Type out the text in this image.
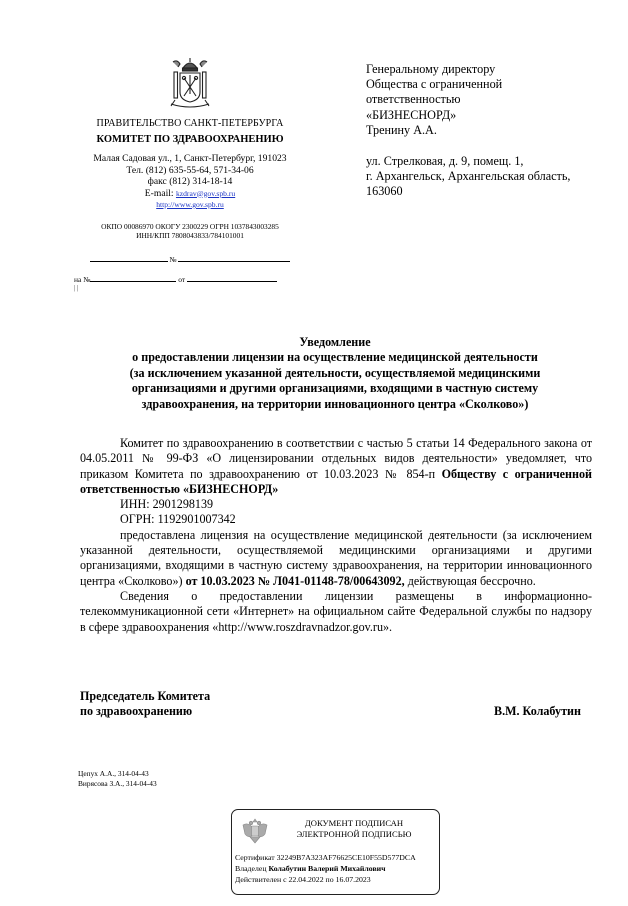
ПРАВИТЕЛЬСТВО САНКТ-ПЕТЕРБУРГА
КОМИТЕТ ПО ЗДРАВООХРАНЕНИЮ
Малая Садовая ул., 1, Санкт-Петербург, 191023
Тел. (812) 635-55-64, 571-34-06
факс (812) 314-18-14
E-mail: kzdrav@gov.spb.ru
http://www.gov.spb.ru
ОКПО 00086970 ОКОГУ 2300229 ОГРН 1037843003285
ИНН/КПП 7808043833/784101001
№
на №	от
| |
Генеральному директору
Общества с ограниченной
ответственностью
«БИЗНЕСНОРД»
Тренину А.А.
ул. Стрелковая, д. 9, помещ. 1,
г. Архангельск, Архангельская область,
163060
Уведомление
о предоставлении лицензии на осуществление медицинской деятельности
(за исключением указанной деятельности, осуществляемой медицинскими
организациями и другими организациями, входящими в частную систему
здравоохранения, на территории инновационного центра «Сколково»)

Комитет по здравоохранению в соответствии с частью 5 статьи 14 Федерального закона от 04.05.2011 № 99-ФЗ «О лицензировании отдельных видов деятельности» уведомляет, что приказом Комитета по здравоохранению от 10.03.2023 № 854-п Обществу с ограниченной ответственностью «БИЗНЕСНОРД»

ИНН: 2901298139

ОГРН: 1192901007342

предоставлена лицензия на осуществление медицинской деятельности (за исключением указанной деятельности, осуществляемой медицинскими организациями и другими организациями, входящими в частную систему здравоохранения, на территории инновационного центра «Сколково») от 10.03.2023 № Л041-01148-78/00643092, действующая бессрочно.

Сведения о предоставлении лицензии размещены в информационно-телекоммуникационной сети «Интернет» на официальном сайте Федеральной службы по надзору в сфере здравоохранения «http://www.roszdravnadzor.gov.ru».

Председатель Комитета
по здравоохранению	В.М. Колабутин
Цепух А.А., 314-04-43
Вирясова З.А., 314-04-43
ДОКУМЕНТ ПОДПИСАН
ЭЛЕКТРОННОЙ ПОДПИСЬЮ
Сертификат 32249B7A323AF76625CE10F55D577DCA
Владелец Колабутин Валерий Михайлович
Действителен с 22.04.2022 по 16.07.2023
